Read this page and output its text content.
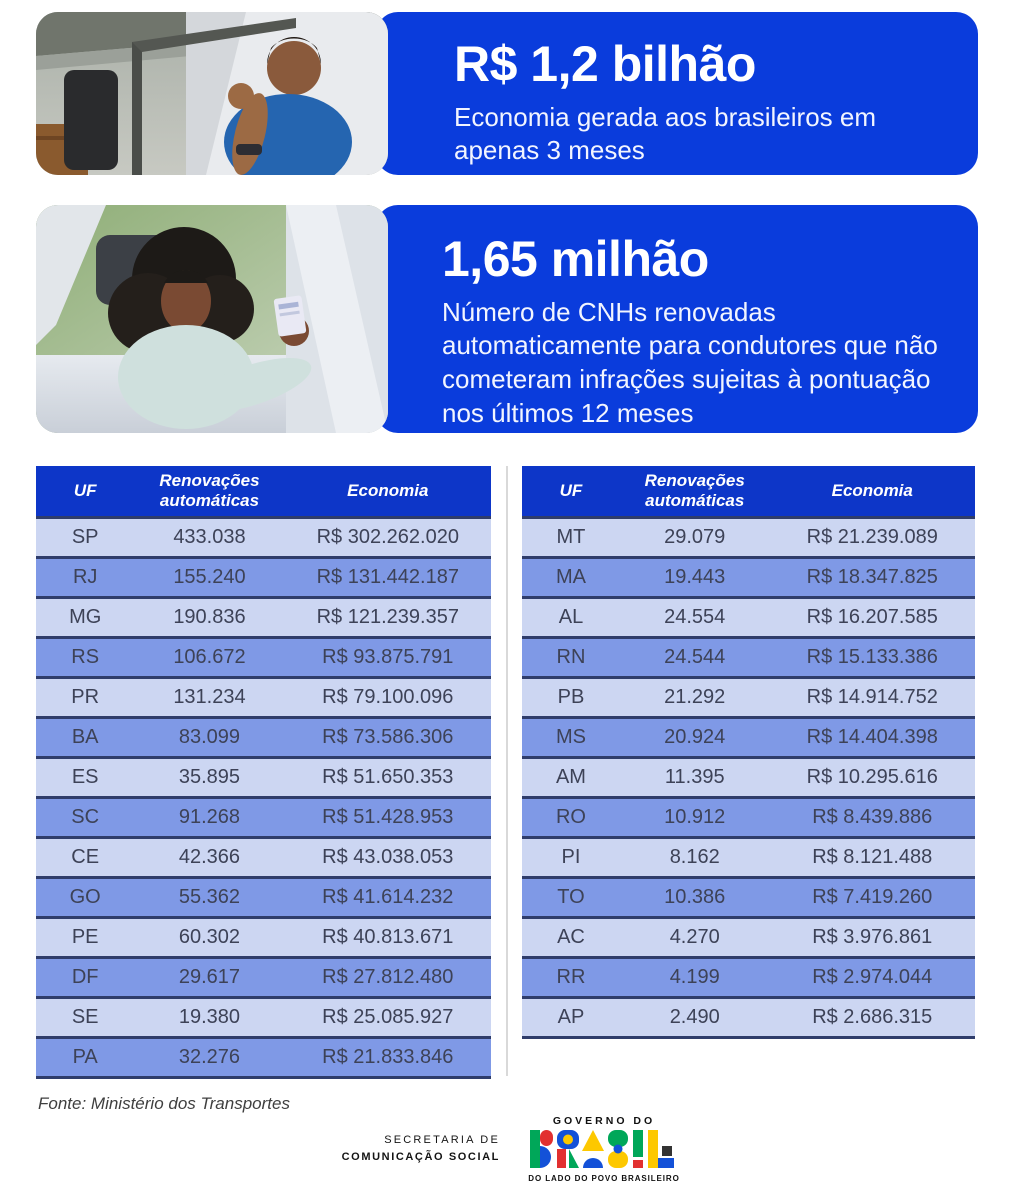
R$ 1,2 bilhão

Economia gerada aos brasileiros em apenas 3 meses

1,65 milhão

Número de CNHs renovadas automaticamente para condutores que não cometeram infrações sujeitas à pontuação nos últimos 12 meses

UF	Renovações automáticas	Economia
SP	433.038	R$ 302.262.020
RJ	155.240	R$ 131.442.187
MG	190.836	R$ 121.239.357
RS	106.672	R$ 93.875.791
PR	131.234	R$ 79.100.096
BA	83.099	R$ 73.586.306
ES	35.895	R$ 51.650.353
SC	91.268	R$ 51.428.953
CE	42.366	R$ 43.038.053
GO	55.362	R$ 41.614.232
PE	60.302	R$ 40.813.671
DF	29.617	R$ 27.812.480
SE	19.380	R$ 25.085.927
PA	32.276	R$ 21.833.846
UF	Renovações automáticas	Economia
MT	29.079	R$ 21.239.089
MA	19.443	R$ 18.347.825
AL	24.554	R$ 16.207.585
RN	24.544	R$ 15.133.386
PB	21.292	R$ 14.914.752
MS	20.924	R$ 14.404.398
AM	11.395	R$ 10.295.616
RO	10.912	R$ 8.439.886
PI	8.162	R$ 8.121.488
TO	10.386	R$ 7.419.260
AC	4.270	R$ 3.976.861
RR	4.199	R$ 2.974.044
AP	2.490	R$ 2.686.315
Fonte: Ministério dos Transportes
SECRETARIA DE
COMUNICAÇÃO SOCIAL
GOVERNO DO
DO LADO DO POVO BRASILEIRO
